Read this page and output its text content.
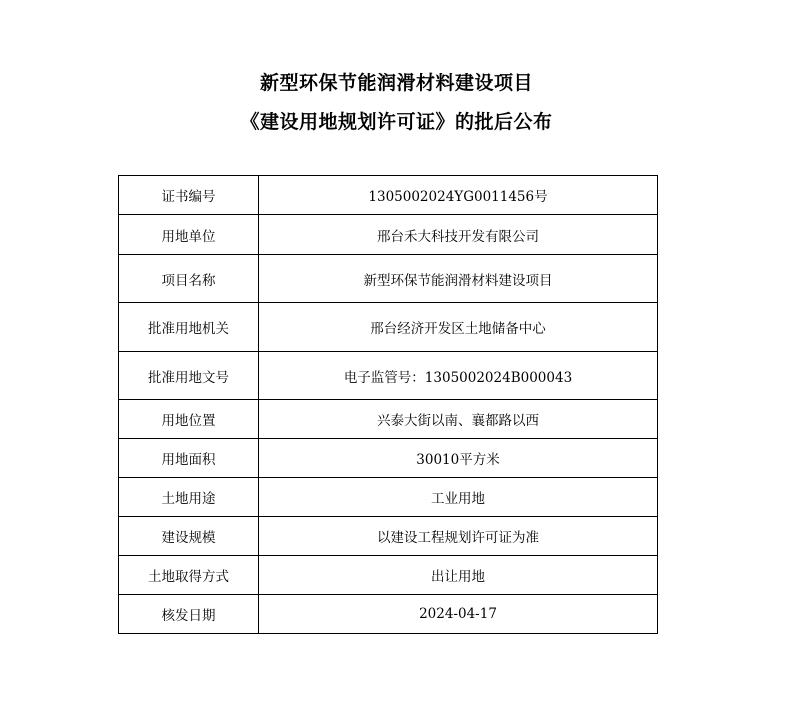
新型环保节能润滑材料建设项目
《建设用地规划许可证》的批后公布
证书编号	1305002024YG0011456号
用地单位	邢台禾大科技开发有限公司
项目名称	新型环保节能润滑材料建设项目
批准用地机关	邢台经济开发区土地储备中心
批准用地文号	电子监管号：1305002024B000043
用地位置	兴泰大街以南、襄都路以西
用地面积	30010平方米
土地用途	工业用地
建设规模	以建设工程规划许可证为准
土地取得方式	出让用地
核发日期	2024-04-17
